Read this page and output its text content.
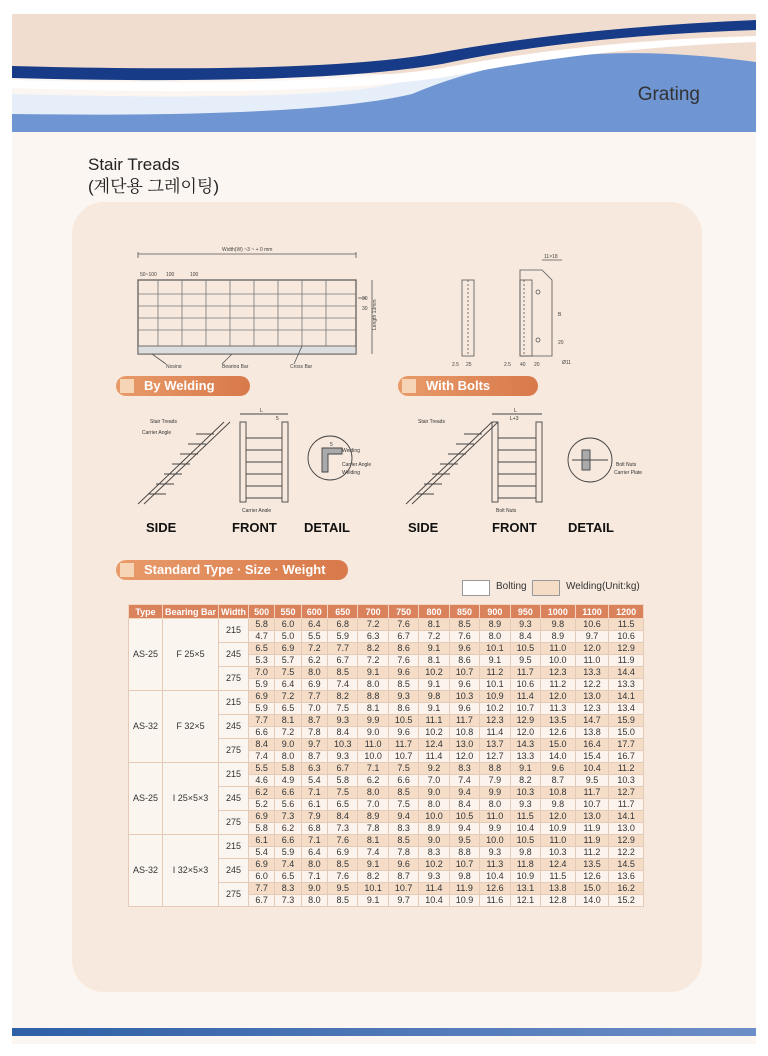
Grating
Stair Treads
(계단용 그레이팅)
Width(W) ~3 ~ + 0 mm
50~100 100	100
Length 13mm
30
30
Nosing	Bearing Bar	Cross Bar	2.5 25
11×18
2.5 40 20	Ø11
B
20
By Welding
Stair Treads
Carrier Angle
L
5
Carrier Angle
5
Welding
Carrier Angle
Welding
SIDE	FRONT DETAIL
With Bolts
Stair Treads
L
L+3
Bolt Nuts
Bolt Nuts
Carrier Plate
SIDE	FRONT DETAIL
Standard Type · Size · Weight
Bolting	Welding(Unit:kg)
Type	Bearing Bar	Width	500	550	600	650	700	750	800	850	900	950	1000	1100	1200
AS-25	F 25×5	215	5.8	6.0	6.4	6.8	7.2	7.6	8.1	8.5	8.9	9.3	9.8	10.6	11.5
			4.7	5.0	5.5	5.9	6.3	6.7	7.2	7.6	8.0	8.4	8.9	9.7	10.6
		245	6.5	6.9	7.2	7.7	8.2	8.6	9.1	9.6	10.1	10.5	11.0	12.0	12.9
			5.3	5.7	6.2	6.7	7.2	7.6	8.1	8.6	9.1	9.5	10.0	11.0	11.9
		275	7.0	7.5	8.0	8.5	9.1	9.6	10.2	10.7	11.2	11.7	12.3	13.3	14.4
			5.9	6.4	6.9	7.4	8.0	8.5	9.1	9.6	10.1	10.6	11.2	12.2	13.3
AS-32	F 32×5	215	6.9	7.2	7.7	8.2	8.8	9.3	9.8	10.3	10.9	11.4	12.0	13.0	14.1
			5.9	6.5	7.0	7.5	8.1	8.6	9.1	9.6	10.2	10.7	11.3	12.3	13.4
		245	7.7	8.1	8.7	9.3	9.9	10.5	11.1	11.7	12.3	12.9	13.5	14.7	15.9
			6.6	7.2	7.8	8.4	9.0	9.6	10.2	10.8	11.4	12.0	12.6	13.8	15.0
		275	8.4	9.0	9.7	10.3	11.0	11.7	12.4	13.0	13.7	14.3	15.0	16.4	17.7
			7.4	8.0	8.7	9.3	10.0	10.7	11.4	12.0	12.7	13.3	14.0	15.4	16.7
AS-25	I 25×5×3	215	5.5	5.8	6.3	6.7	7.1	7.5	9.2	8.3	8.8	9.1	9.6	10.4	11.2
			4.6	4.9	5.4	5.8	6.2	6.6	7.0	7.4	7.9	8.2	8.7	9.5	10.3
		245	6.2	6.6	7.1	7.5	8.0	8.5	9.0	9.4	9.9	10.3	10.8	11.7	12.7
			5.2	5.6	6.1	6.5	7.0	7.5	8.0	8.4	8.0	9.3	9.8	10.7	11.7
		275	6.9	7.3	7.9	8.4	8.9	9.4	10.0	10.5	11.0	11.5	12.0	13.0	14.1
			5.8	6.2	6.8	7.3	7.8	8.3	8.9	9.4	9.9	10.4	10.9	11.9	13.0
AS-32	I 32×5×3	215	6.1	6.6	7.1	7.6	8.1	8.5	9.0	9.5	10.0	10.5	11.0	11.9	12.9
			5.4	5.9	6.4	6.9	7.4	7.8	8.3	8.8	9.3	9.8	10.3	11.2	12.2
		245	6.9	7.4	8.0	8.5	9.1	9.6	10.2	10.7	11.3	11.8	12.4	13.5	14.5
			6.0	6.5	7.1	7.6	8.2	8.7	9.3	9.8	10.4	10.9	11.5	12.6	13.6
		275	7.7	8.3	9.0	9.5	10.1	10.7	11.4	11.9	12.6	13.1	13.8	15.0	16.2
			6.7	7.3	8.0	8.5	9.1	9.7	10.4	10.9	11.6	12.1	12.8	14.0	15.2
